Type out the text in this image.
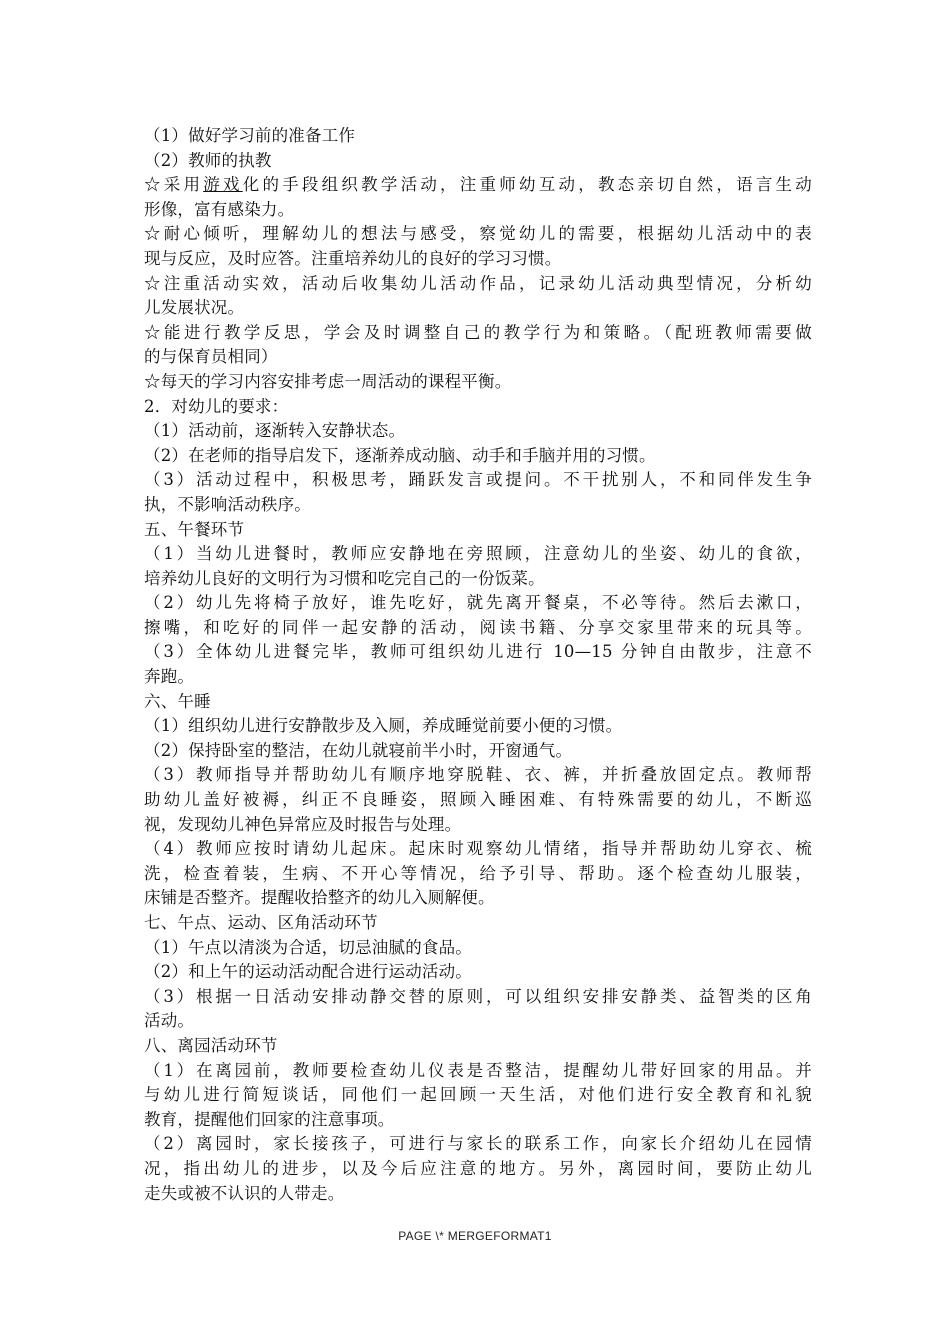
（1）做好学习前的准备工作
（2）教师的执教
☆采用游戏化的手段组织教学活动，注重师幼互动，教态亲切自然，语言生动
形像，富有感染力。
☆耐心倾听，理解幼儿的想法与感受，察觉幼儿的需要，根据幼儿活动中的表
现与反应，及时应答。注重培养幼儿的良好的学习习惯。
☆注重活动实效，活动后收集幼儿活动作品，记录幼儿活动典型情况，分析幼
儿发展状况。
☆能进行教学反思，学会及时调整自己的教学行为和策略。（配班教师需要做
的与保育员相同）
☆每天的学习内容安排考虑一周活动的课程平衡。
2．对幼儿的要求：
（1）活动前，逐渐转入安静状态。
（2）在老师的指导启发下，逐渐养成动脑、动手和手脑并用的习惯。
（3）活动过程中，积极思考，踊跃发言或提问。不干扰别人，不和同伴发生争
执，不影响活动秩序。
五、午餐环节
（1）当幼儿进餐时，教师应安静地在旁照顾，注意幼儿的坐姿、幼儿的食欲，
培养幼儿良好的文明行为习惯和吃完自己的一份饭菜。
（2）幼儿先将椅子放好，谁先吃好，就先离开餐桌，不必等待。然后去漱口，
擦嘴，和吃好的同伴一起安静的活动，阅读书籍、分享交家里带来的玩具等。
（3）全体幼儿进餐完毕，教师可组织幼儿进行 10—15 分钟自由散步，注意不
奔跑。
六、午睡
（1）组织幼儿进行安静散步及入厕，养成睡觉前要小便的习惯。
（2）保持卧室的整洁，在幼儿就寝前半小时，开窗通气。
（3）教师指导并帮助幼儿有顺序地穿脱鞋、衣、裤，并折叠放固定点。教师帮
助幼儿盖好被褥，纠正不良睡姿，照顾入睡困难、有特殊需要的幼儿，不断巡
视，发现幼儿神色异常应及时报告与处理。
（4）教师应按时请幼儿起床。起床时观察幼儿情绪，指导并帮助幼儿穿衣、梳
洗，检查着装，生病、不开心等情况，给予引导、帮助。逐个检查幼儿服装，
床铺是否整齐。提醒收拾整齐的幼儿入厕解便。
七、午点、运动、区角活动环节
（1）午点以清淡为合适，切忌油腻的食品。
（2）和上午的运动活动配合进行运动活动。
（3）根据一日活动安排动静交替的原则，可以组织安排安静类、益智类的区角
活动。
八、离园活动环节
（1）在离园前，教师要检查幼儿仪表是否整洁，提醒幼儿带好回家的用品。并
与幼儿进行简短谈话，同他们一起回顾一天生活，对他们进行安全教育和礼貌
教育，提醒他们回家的注意事项。
（2）离园时，家长接孩子，可进行与家长的联系工作，向家长介绍幼儿在园情
况，指出幼儿的进步，以及今后应注意的地方。另外，离园时间，要防止幼儿
走失或被不认识的人带走。
PAGE \* MERGEFORMAT1
